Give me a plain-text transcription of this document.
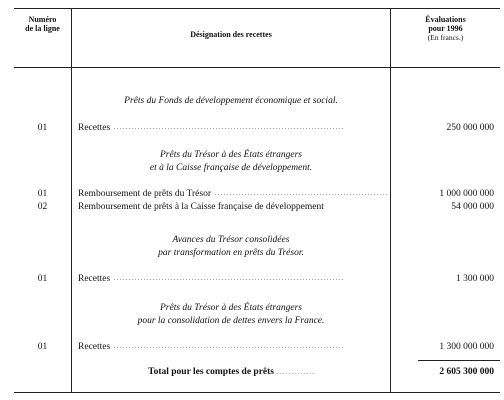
Numéro
de la ligne
Désignation des recettes
Évaluations
pour 1996
(En francs.)
Prêts du Fonds de développement économique et social.
01	Recettes . . .	250 000 000
Prêts du Trésor à des États étrangers
et à la Caisse française de développement.
01	Remboursement de prêts du Trésor . . .	1 000 000 000
02	Remboursement de prêts à la Caisse française de développement	54 000 000
Avances du Trésor consolidées
par transformation en prêts du Trésor.
01	Recettes . . .	1 300 000
Prêts du Trésor à des États étrangers
pour la consolidation de dettes envers la France.
01	Recettes . . .	1 300 000 000
Total pour les comptes de prêts . . . . . . . . . . . . .	2 605 300 000
